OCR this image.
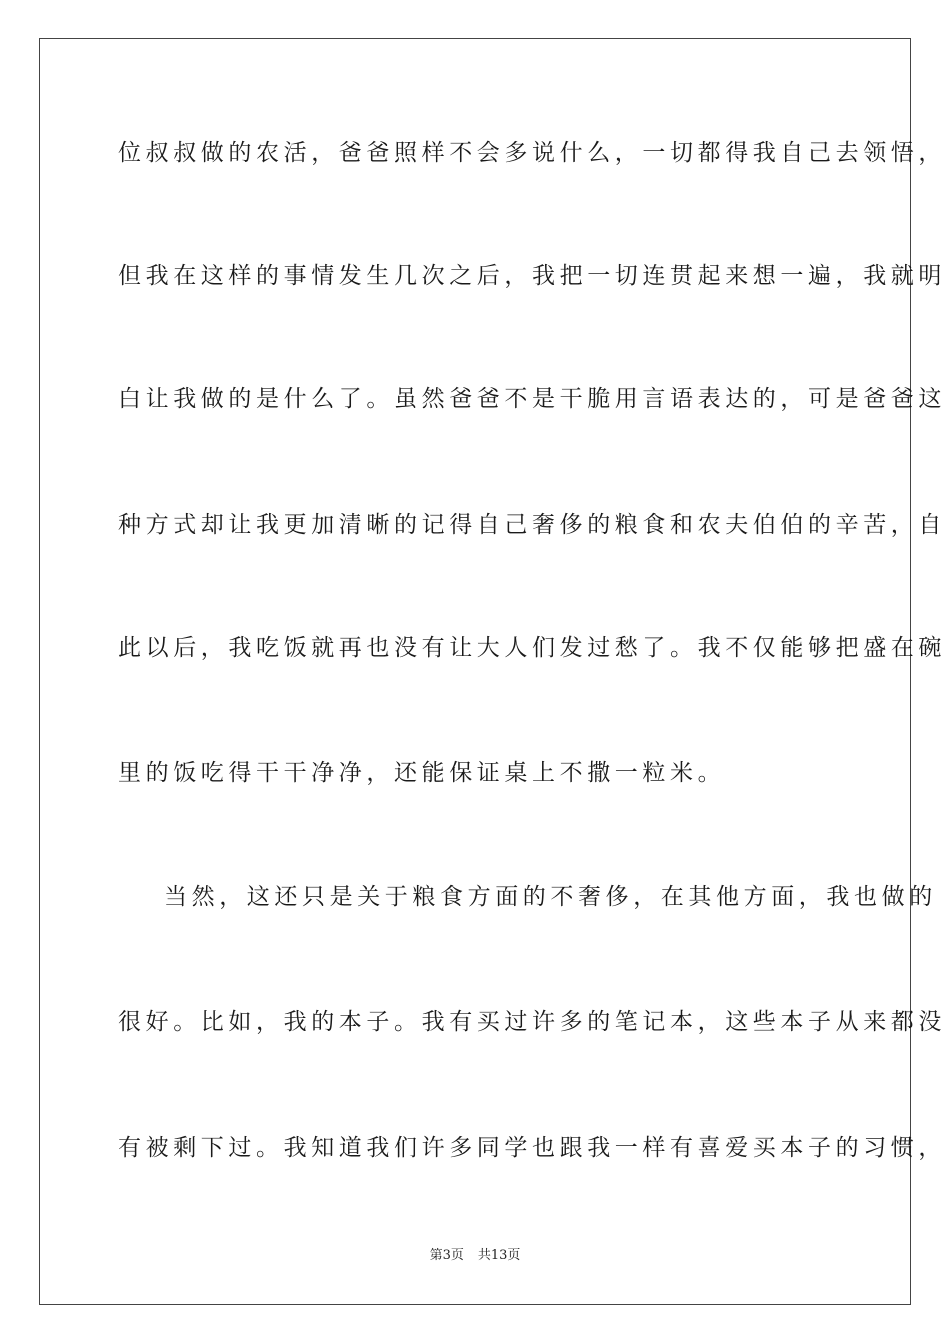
位叔叔做的农活，爸爸照样不会多说什么，一切都得我自己去领悟，
但我在这样的事情发生几次之后，我把一切连贯起来想一遍，我就明
白让我做的是什么了。虽然爸爸不是干脆用言语表达的，可是爸爸这
种方式却让我更加清晰的记得自己奢侈的粮食和农夫伯伯的辛苦，自
此以后，我吃饭就再也没有让大人们发过愁了。我不仅能够把盛在碗
里的饭吃得干干净净，还能保证桌上不撒一粒米。
当然，这还只是关于粮食方面的不奢侈，在其他方面，我也做的
很好。比如，我的本子。我有买过许多的笔记本，这些本子从来都没
有被剩下过。我知道我们许多同学也跟我一样有喜爱买本子的习惯，
第3页 共13页
